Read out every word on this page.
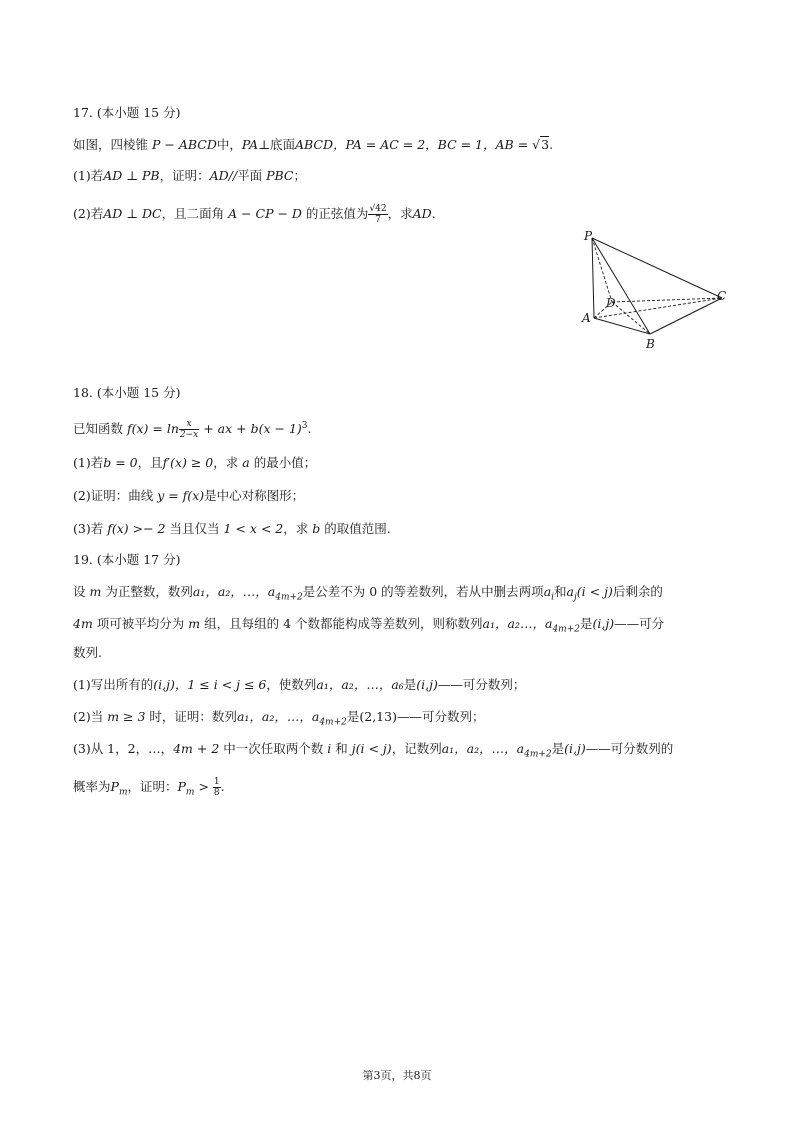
17. (本小题 15 分)
如图，四棱锥 P − ABCD中，PA⊥底面ABCD，PA = AC = 2，BC = 1，AB = √3.
(1)若AD ⊥ PB，证明：AD//平面 PBC；
(2)若AD ⊥ DC，且二面角 A − CP − D 的正弦值为 $\frac{√42}{7}$ ，求AD.
P
D	C
A
B
18. (本小题 15 分)
已知函数 $f(x) = \ln \frac{x}{2-x}$ + ax + $b(x - 1)^3$.
(1)若b = 0，且f′(x) ≥ 0，求 a 的最小值；
(2)证明：曲线 y = f(x)是中心对称图形；
(3)若 f(x) >− 2 当且仅当 1 < x < 2，求 b 的取值范围.
19. (本小题 17 分)
设 m 为正整数，数列a₁，a₂，…，$a_{4m+2}$是公差不为 0 的等差数列，若从中删去两项$a_i$和$a_j(i < j)$后剩余的
4m 项可被平均分为 m 组，且每组的 4 个数都能构成等差数列，则称数列a₁，a₂…，$a_{4m+2}$是(i,j)——可分
数列.
(1)写出所有的(i,j)，1 ≤ i < j ≤ 6，使数列a₁，a₂，…，a₆是(i,j)——可分数列；
(2)当 m ≥ 3 时，证明：数列a₁，a₂，…，$a_{4m+2}$是(2,13)——可分数列；
(3)从 1，2，…，4m + 2 中一次任取两个数 i 和 j(i < j)，记数列a₁，a₂，…，$a_{4m+2}$是(i,j)——可分数列的
概率为$P_m$，证明：$P_m > \frac{1}{8}$ .
第3页，共8页
